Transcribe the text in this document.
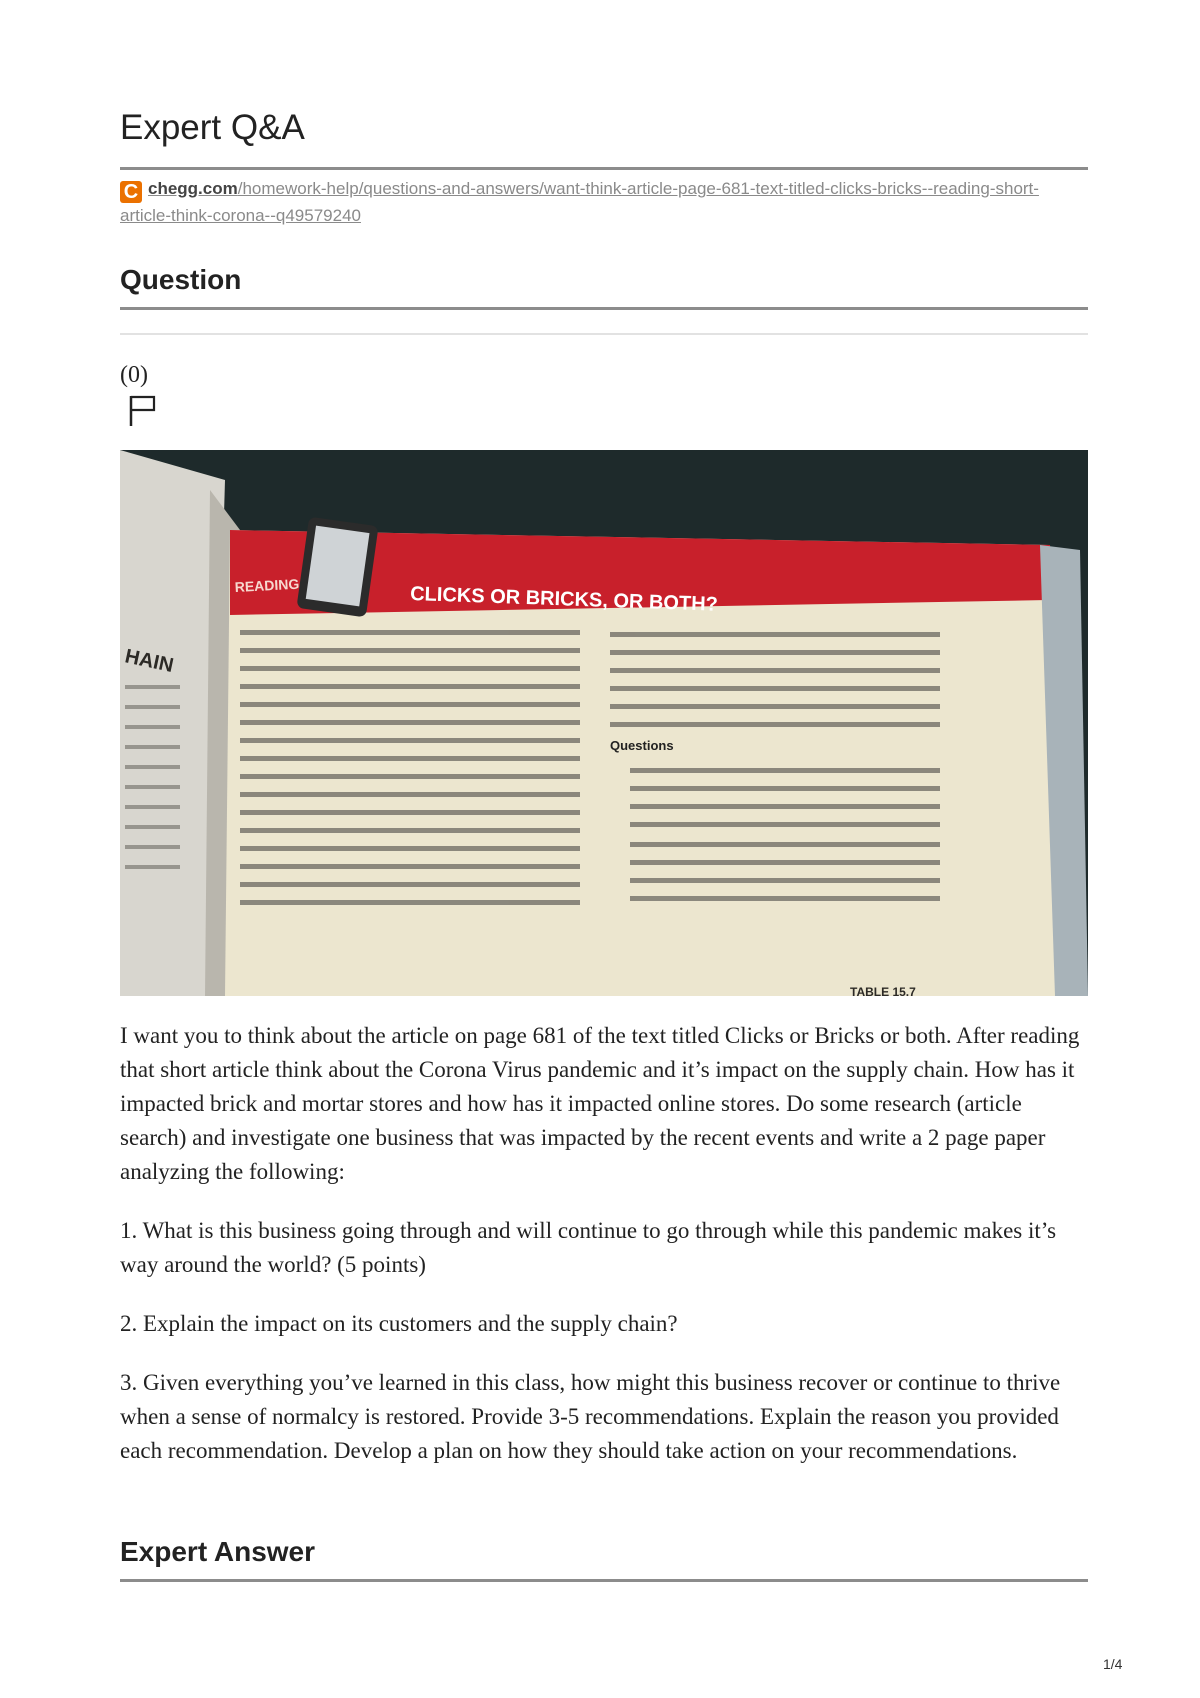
Expert Q&A
C chegg.com/homework-help/questions-and-answers/want-think-article-page-681-text-titled-clicks-bricks--reading-short-article-think-corona--q49579240
Question
(0)
READING	CLICKS OR BRICKS, OR BOTH?
Questions
HAIN
TABLE 15.7

I want you to think about the article on page 681 of the text titled Clicks or Bricks or both. After reading that short article think about the Corona Virus pandemic and it’s impact on the supply chain. How has it impacted brick and mortar stores and how has it impacted online stores. Do some research (article search) and investigate one business that was impacted by the recent events and write a 2 page paper analyzing the following:

1. What is this business going through and will continue to go through while this pandemic makes it’s way around the world? (5 points)

2. Explain the impact on its customers and the supply chain?

3. Given everything you’ve learned in this class, how might this business recover or continue to thrive when a sense of normalcy is restored. Provide 3-5 recommendations. Explain the reason you provided each recommendation. Develop a plan on how they should take action on your recommendations.

Expert Answer
1/4
